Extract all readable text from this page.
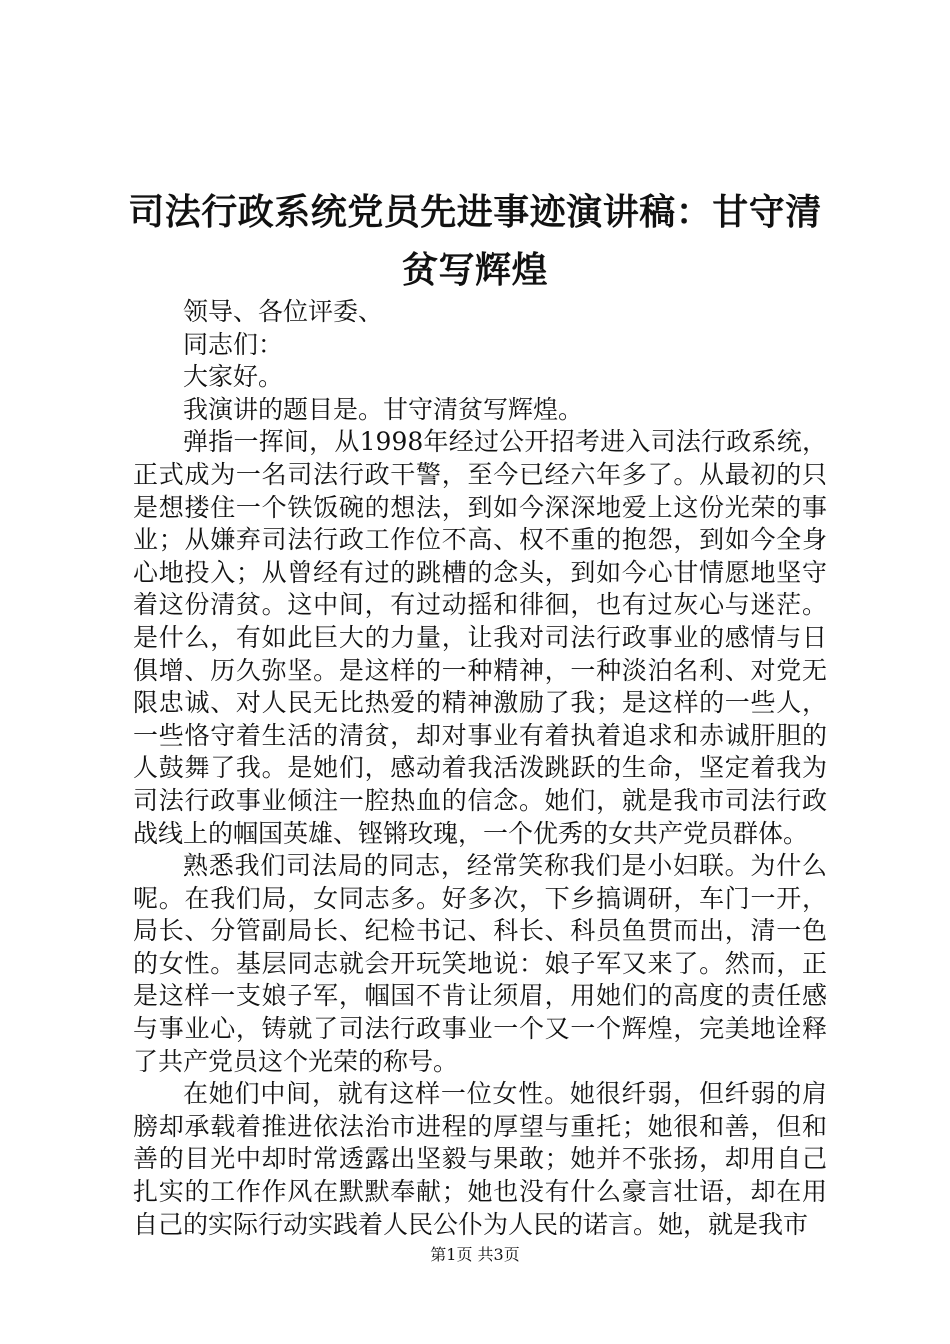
司法行政系统党员先进事迹演讲稿：甘守清贫写辉煌

领导、各位评委、

同志们：

大家好。

我演讲的题目是。甘守清贫写辉煌。

弹指一挥间，从1998年经过公开招考进入司法行政系统，正式成为一名司法行政干警，至今已经六年多了。从最初的只是想搂住一个铁饭碗的想法，到如今深深地爱上这份光荣的事业；从嫌弃司法行政工作位不高、权不重的抱怨，到如今全身心地投入；从曾经有过的跳槽的念头，到如今心甘情愿地坚守着这份清贫。这中间，有过动摇和徘徊，也有过灰心与迷茫。是什么，有如此巨大的力量，让我对司法行政事业的感情与日俱增、历久弥坚。是这样的一种精神，一种淡泊名利、对党无限忠诚、对人民无比热爱的精神激励了我；是这样的一些人，一些恪守着生活的清贫，却对事业有着执着追求和赤诚肝胆的人鼓舞了我。是她们，感动着我活泼跳跃的生命，坚定着我为司法行政事业倾注一腔热血的信念。她们，就是我市司法行政战线上的帼国英雄、铿锵玫瑰，一个优秀的女共产党员群体。

熟悉我们司法局的同志，经常笑称我们是小妇联。为什么呢。在我们局，女同志多。好多次，下乡搞调研，车门一开，局长、分管副局长、纪检书记、科长、科员鱼贯而出，清一色的女性。基层同志就会开玩笑地说：娘子军又来了。然而，正是这样一支娘子军，帼国不肯让须眉，用她们的高度的责任感与事业心，铸就了司法行政事业一个又一个辉煌，完美地诠释了共产党员这个光荣的称号。

在她们中间，就有这样一位女性。她很纤弱，但纤弱的肩膀却承载着推进依法治市进程的厚望与重托；她很和善，但和善的目光中却时常透露出坚毅与果敢；她并不张扬，却用自己扎实的工作作风在默默奉献；她也没有什么豪言壮语，却在用自己的实际行动实践着人民公仆为人民的诺言。她，就是我市

第1页 共3页
